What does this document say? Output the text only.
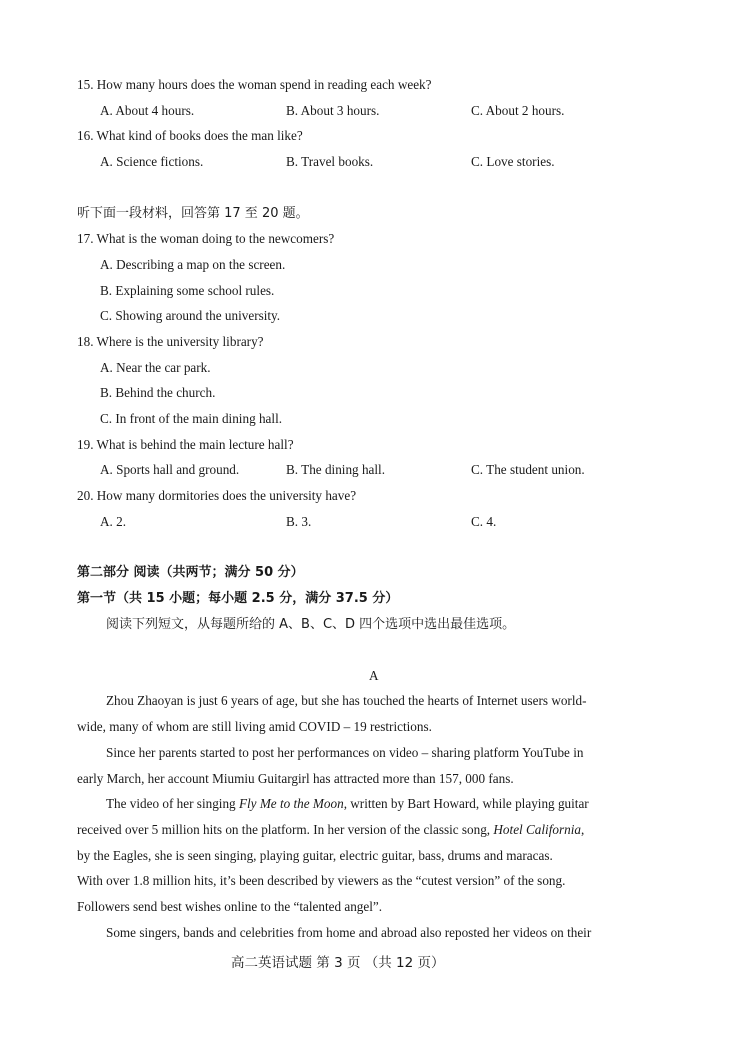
15. How many hours does the woman spend in reading each week?
A. About 4 hours.	B. About 3 hours.	C. About 2 hours.
16. What kind of books does the man like?
A. Science fictions.	B. Travel books.	C. Love stories.
听下面一段材料，回答第 17 至 20 题。
17. What is the woman doing to the newcomers?
A. Describing a map on the screen.
B. Explaining some school rules.
C. Showing around the university.
18. Where is the university library?
A. Near the car park.
B. Behind the church.
C. In front of the main dining hall.
19. What is behind the main lecture hall?
A. Sports hall and ground.	B. The dining hall.	C. The student union.
20. How many dormitories does the university have?
A. 2.	B. 3.	C. 4.
第二部分 阅读（共两节；满分 50 分）
第一节（共 15 小题；每小题 2.5 分，满分 37.5 分）
阅读下列短文，从每题所给的 A、B、C、D 四个选项中选出最佳选项。
A
Zhou Zhaoyan is just 6 years of age, but she has touched the hearts of Internet users world-
wide, many of whom are still living amid COVID – 19 restrictions.
Since her parents started to post her performances on video – sharing platform YouTube in
early March, her account Miumiu Guitargirl has attracted more than 157, 000 fans.
The video of her singing Fly Me to the Moon, written by Bart Howard, while playing guitar
received over 5 million hits on the platform. In her version of the classic song, Hotel California,
by the Eagles, she is seen singing, playing guitar, electric guitar, bass, drums and maracas.
With over 1.8 million hits, it’s been described by viewers as the “cutest version” of the song.
Followers send best wishes online to the “talented angel”.
Some singers, bands and celebrities from home and abroad also reposted her videos on their
高二英语试题 第 3 页 （共 12 页）
